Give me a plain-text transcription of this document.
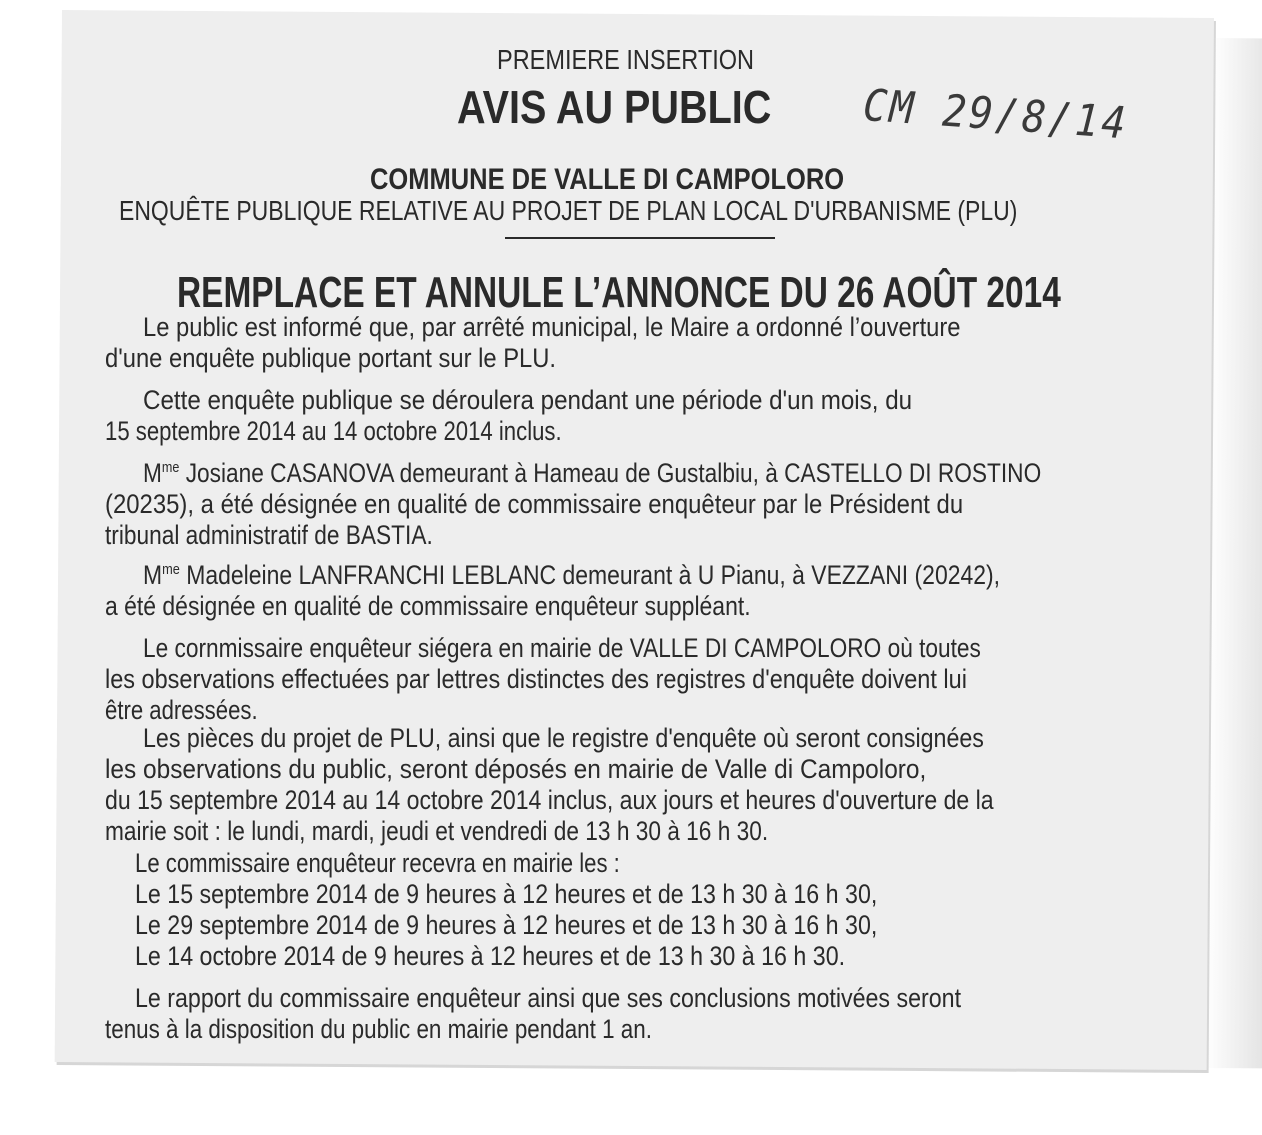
PREMIERE INSERTION
AVIS AU PUBLIC CM 29/8/14
COMMUNE DE VALLE DI CAMPOLORO
ENQUÊTE PUBLIQUE RELATIVE AU PROJET DE PLAN LOCAL D'URBANISME (PLU)
REMPLACE ET ANNULE L’ANNONCE DU 26 AOÛT 2014
Le public est informé que, par arrêté municipal, le Maire a ordonné l’ouverture
d'une enquête publique portant sur le PLU.
Cette enquête publique se déroulera pendant une période d'un mois, du
15 septembre 2014 au 14 octobre 2014 inclus.
$M^{me}$ Josiane CASANOVA demeurant à Hameau de Gustalbiu, à CASTELLO DI ROSTINO
(20235), a été désignée en qualité de commissaire enquêteur par le Président du
tribunal administratif de BASTIA.
$M^{me}$ Madeleine LANFRANCHI LEBLANC demeurant à U Pianu, à VEZZANI (20242),
a été désignée en qualité de commissaire enquêteur suppléant.
Le cornmissaire enquêteur siégera en mairie de VALLE DI CAMPOLORO où toutes
les observations effectuées par lettres distinctes des registres d'enquête doivent lui
être adressées.
Les pièces du projet de PLU, ainsi que le registre d'enquête où seront consignées
les observations du public, seront déposés en mairie de Valle di Campoloro,
du 15 septembre 2014 au 14 octobre 2014 inclus, aux jours et heures d'ouverture de la
mairie soit : le lundi, mardi, jeudi et vendredi de 13 h 30 à 16 h 30.
Le commissaire enquêteur recevra en mairie les :
Le 15 septembre 2014 de 9 heures à 12 heures et de 13 h 30 à 16 h 30,
Le 29 septembre 2014 de 9 heures à 12 heures et de 13 h 30 à 16 h 30,
Le 14 octobre 2014 de 9 heures à 12 heures et de 13 h 30 à 16 h 30.
Le rapport du commissaire enquêteur ainsi que ses conclusions motivées seront
tenus à la disposition du public en mairie pendant 1 an.
